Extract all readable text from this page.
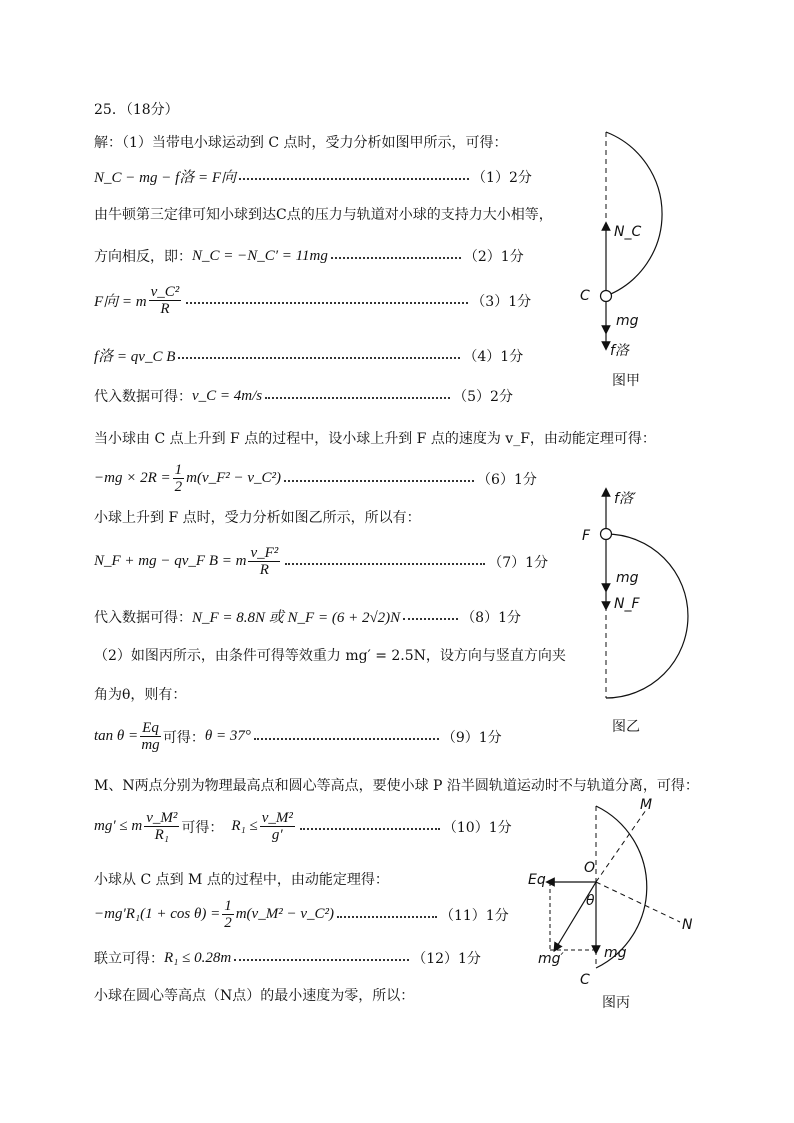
25．（18分）
解：（1）当带电小球运动到 C 点时，受力分析如图甲所示，可得：
N_C − mg − f洛 = F向	（1）2分
由牛顿第三定律可知小球到达C点的压力与轨道对小球的支持力大小相等，
方向相反，即： N_C = −N_C′ = 11mg	（2）1分
F向 = m $\frac{\text{v\_C²}}{R}$	（3）1分
f洛 = qv_C B	（4）1分
代入数据可得： v_C = 4m/s	（5）2分
当小球由 C 点上升到 F 点的过程中，设小球上升到 F 点的速度为 v_F，由动能定理可得：
$-mg \times 2R = \frac{1}{2}$ m(v_F² − v_C²)	（6）1分
小球上升到 F 点时，受力分析如图乙所示，所以有：
N_F + mg − qv_F B = m $\frac{\text{v\_F²}}{R}$	（7）1分
代入数据可得： N_F = 8.8N 或 N_F = (6 + 2√2)N	（8）1分
（2）如图丙所示，由条件可得等效重力 mg′ = 2.5N，设方向与竖直方向夹
角为θ，则有：
$\tan \theta = \frac{Eq}{mg}$ 可得： θ = 37°	（9）1分
M、N两点分别为物理最高点和圆心等高点，要使小球 P 沿半圆轨道运动时不与轨道分离，可得：
mg′ ≤ m $\frac{\text{v\_M²}}{\text{R₁}}$ 可得： $R_1 \le \frac{\text{v\_M²}}{g'}$	（10）1分
小球从 C 点到 M 点的过程中，由动能定理得：
$-mg'R_1(1 + \cos \theta) = \frac{1}{2}$ m(v_M² − v_C²)	（11）1分
联立可得： R₁ ≤ 0.28m	（12）1分
小球在圆心等高点（N点）的最小速度为零，所以：
C
N_C
mg
f洛
图甲
F
f洛′
mg
N_F
图乙
M
O
Eq
θ
N
mg′	mg
C
图丙
